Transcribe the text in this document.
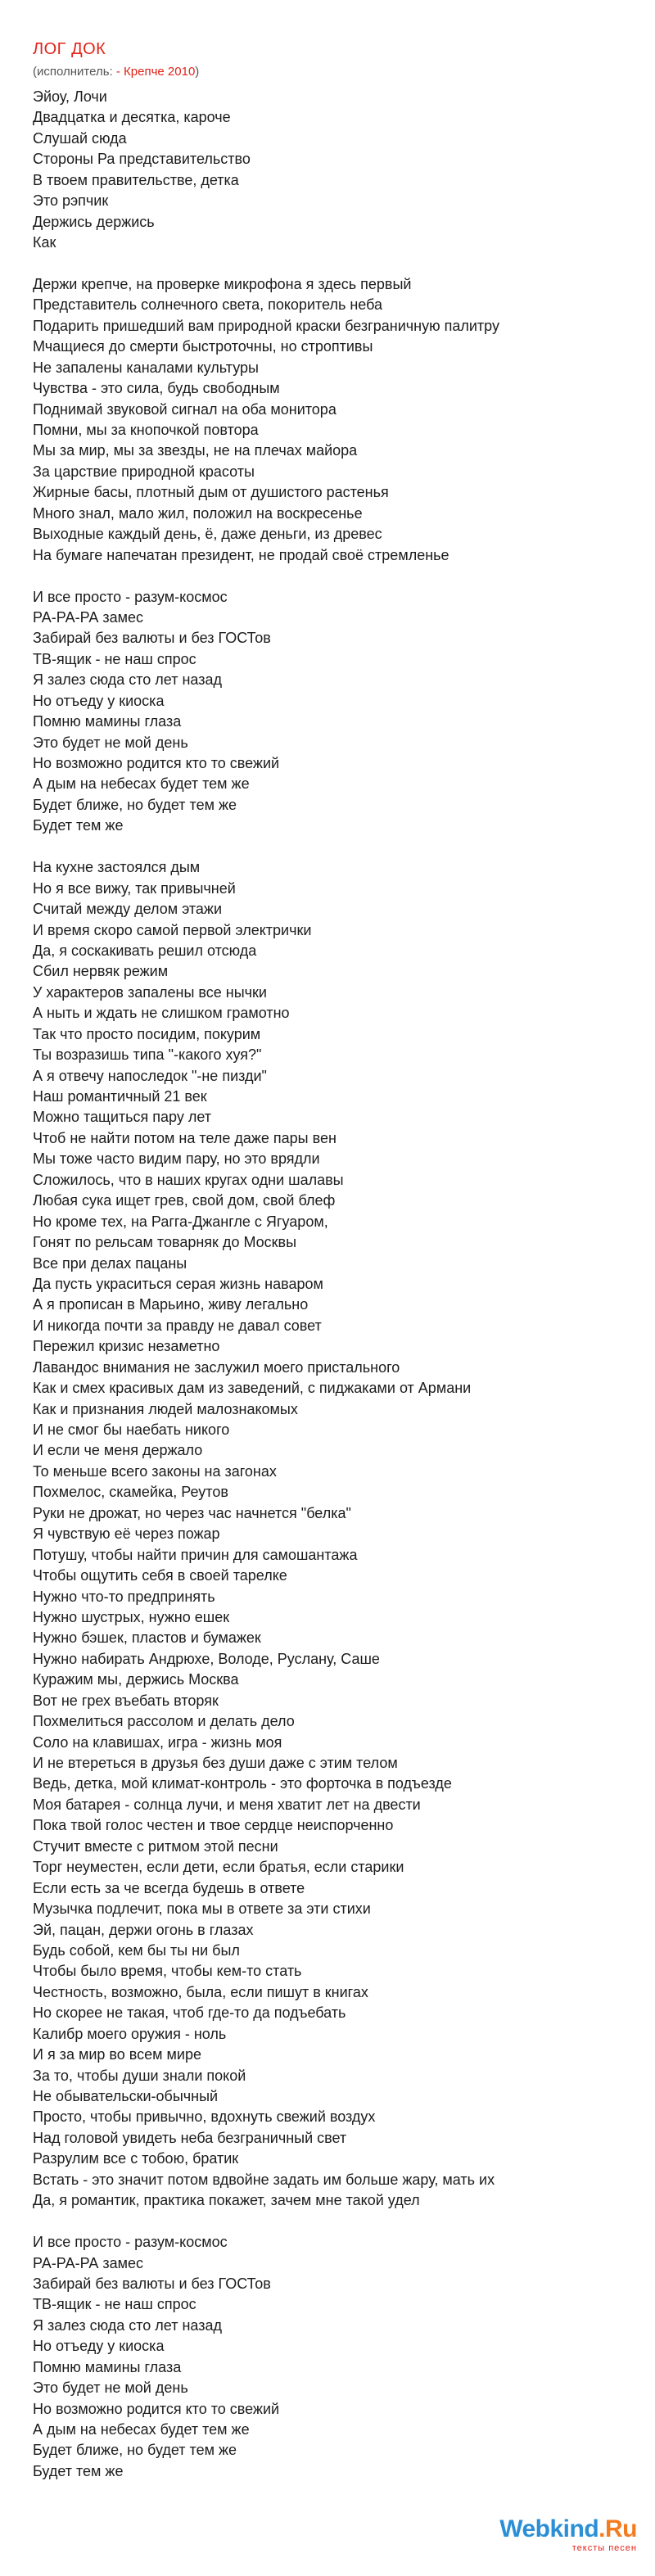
ЛОГ ДОК
(исполнитель: - Крепче 2010)
Эйоу, Лочи
Двадцатка и десятка, кароче
Слушай сюда
Стороны Ра представительство
В твоем правительстве, детка
Это рэпчик
Держись держись
Как
Держи крепче, на проверке микрофона я здесь первый
Представитель солнечного света, покоритель неба
Подарить пришедший вам природной краски безграничную палитру
Мчащиеся до смерти быстроточны, но строптивы
Не запалены каналами культуры
Чувства - это сила, будь свободным
Поднимай звуковой сигнал на оба монитора
Помни, мы за кнопочкой повтора
Мы за мир, мы за звезды, не на плечах майора
За царствие природной красоты
Жирные басы, плотный дым от душистого растенья
Много знал, мало жил, положил на воскресенье
Выходные каждый день, ё, даже деньги, из древес
На бумаге напечатан президент, не продай своё стремленье
И все просто - разум-космос
РА-РА-РА замес
Забирай без валюты и без ГОСТов
ТВ-ящик - не наш спрос
Я залез сюда сто лет назад
Но отъеду у киоска
Помню мамины глаза
Это будет не мой день
Но возможно родится кто то свежий
А дым на небесах будет тем же
Будет ближе, но будет тем же
Будет тем же
На кухне застоялся дым
Но я все вижу, так привычней
Считай между делом этажи
И время скоро самой первой электрички
Да, я соскакивать решил отсюда
Сбил нервяк режим
У характеров запалены все нычки
А ныть и ждать не слишком грамотно
Так что просто посидим, покурим
Ты возразишь типа "-какого хуя?"
А я отвечу напоследок "-не пизди"
Наш романтичный 21 век
Можно тащиться пару лет
Чтоб не найти потом на теле даже пары вен
Мы тоже часто видим пару, но это врядли
Сложилось, что в наших кругах одни шалавы
Любая сука ищет грев, свой дом, свой блеф
Но кроме тех, на Рагга-Джангле с Ягуаром,
Гонят по рельсам товарняк до Москвы
Все при делах пацаны
Да пусть украситься серая жизнь наваром
А я прописан в Марьино, живу легально
И никогда почти за правду не давал совет
Пережил кризис незаметно
Лавандос внимания не заслужил моего пристального
Как и смех красивых дам из заведений, с пиджаками от Армани
Как и признания людей малознакомых
И не смог бы наебать никого
И если че меня держало
То меньше всего законы на загонах
Похмелос, скамейка, Реутов
Руки не дрожат, но через час начнется "белка"
Я чувствую её через пожар
Потушу, чтобы найти причин для самошантажа
Чтобы ощутить себя в своей тарелке
Нужно что-то предпринять
Нужно шустрых, нужно ешек
Нужно бэшек, пластов и бумажек
Нужно набирать Андрюхе, Володе, Руслану, Саше
Куражим мы, держись Москва
Вот не грех въебать вторяк
Похмелиться рассолом и делать дело
Соло на клавишах, игра - жизнь моя
И не втереться в друзья без души даже с этим телом
Ведь, детка, мой климат-контроль - это форточка в подъезде
Моя батарея - солнца лучи, и меня хватит лет на двести
Пока твой голос честен и твое сердце неиспорченно
Стучит вместе с ритмом этой песни
Торг неуместен, если дети, если братья, если старики
Если есть за че всегда будешь в ответе
Музычка подлечит, пока мы в ответе за эти стихи
Эй, пацан, держи огонь в глазах
Будь собой, кем бы ты ни был
Чтобы было время, чтобы кем-то стать
Честность, возможно, была, если пишут в книгах
Но скорее не такая, чтоб где-то да подъебать
Калибр моего оружия - ноль
И я за мир во всем мире
За то, чтобы души знали покой
Не обывательски-обычный
Просто, чтобы привычно, вдохнуть свежий воздух
Над головой увидеть неба безграничный свет
Разрулим все с тобою, братик
Встать - это значит потом вдвойне задать им больше жару, мать их
Да, я романтик, практика покажет, зачем мне такой удел
И все просто - разум-космос
РА-РА-РА замес
Забирай без валюты и без ГОСТов
ТВ-ящик - не наш спрос
Я залез сюда сто лет назад
Но отъеду у киоска
Помню мамины глаза
Это будет не мой день
Но возможно родится кто то свежий
А дым на небесах будет тем же
Будет ближе, но будет тем же
Будет тем же
Webkind.Ru
тексты песен
